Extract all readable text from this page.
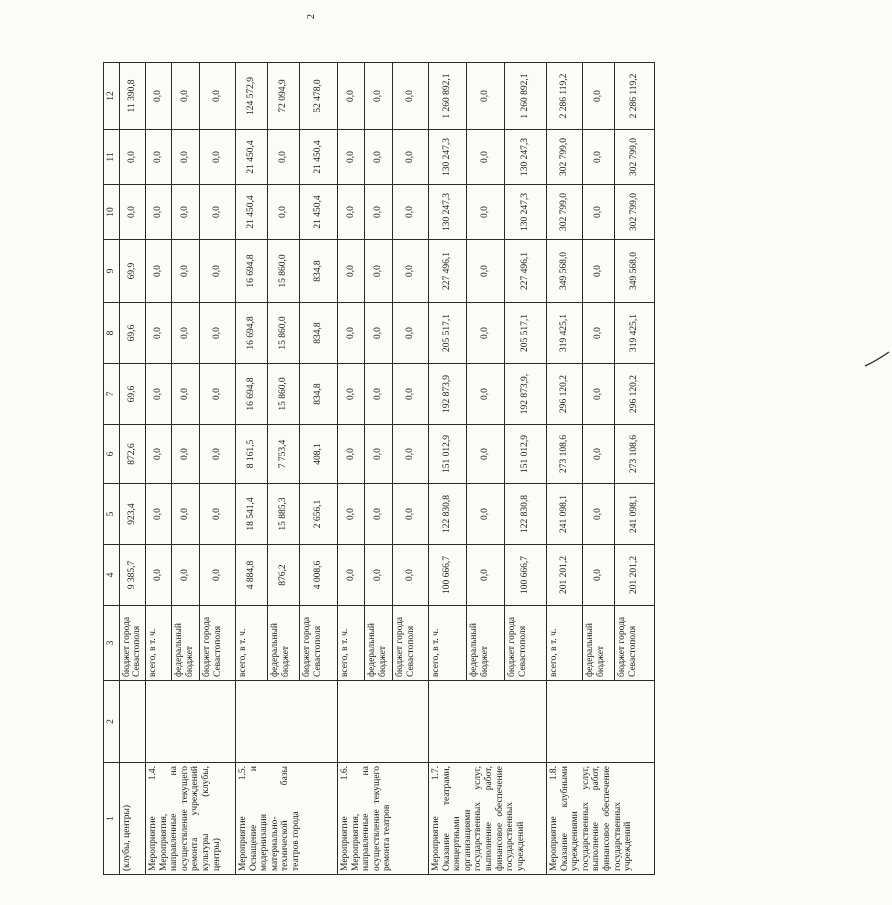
2
1	2	3	4	5	6	7	8	9	10	11	12
(клубы, центры)		бюджет города Севастополя	9 385,7	923,4	872,6	69,6	69,6	69,9	0,0	0,0	11 390,8
Мероприятие 1.4. Мероприятия, направленные на осуществление текущего ремонта учреждений культуры (клубы, центры)		всего, в т. ч.	0,0	0,0	0,0	0,0	0,0	0,0	0,0	0,0	0,0
		федеральный бюджет	0,0	0,0	0,0	0,0	0,0	0,0	0,0	0,0	0,0
		бюджет города Севастополя	0,0	0,0	0,0	0,0	0,0	0,0	0,0	0,0	0,0
Мероприятие 1.5. Оснащение и модернизация материально-технической базы театров города		всего, в т. ч.	4 884,8	18 541,4	8 161,5	16 694,8	16 694,8	16 694,8	21 450,4	21 450,4	124 572,9
		федеральный бюджет	876,2	15 885,3	7 753,4	15 860,0	15 860,0	15 860,0	0,0	0,0	72 094,9
		бюджет города Севастополя	4 008,6	2 656,1	408,1	834,8	834,8	834,8	21 450,4	21 450,4	52 478,0
Мероприятие 1.6. Мероприятия, направленные на осуществление текущего ремонта театров		всего, в т. ч.	0,0	0,0	0,0	0,0	0,0	0,0	0,0	0,0	0,0
		федеральный бюджет	0,0	0,0	0,0	0,0	0,0	0,0	0,0	0,0	0,0
		бюджет города Севастополя	0,0	0,0	0,0	0,0	0,0	0,0	0,0	0,0	0,0
Мероприятие 1.7. Оказание театрами, концертными организациями государственных услуг, выполнение работ, финансовое обеспечение государственных учреждений		всего, в т. ч.	100 666,7	122 830,8	151 012,9	192 873,9	205 517,1	227 496,1	130 247,3	130 247,3	1 260 892,1
		федеральный бюджет	0,0	0,0	0,0	0,0	0,0	0,0	0,0	0,0	0,0
		бюджет города Севастополя	100 666,7	122 830,8	151 012,9	192 873,9,	205 517,1	227 496,1	130 247,3	130 247,3	1 260 892,1
Мероприятие 1.8. Оказание клубными учреждениями государственных услуг, выполнение работ, финансовое обеспечение государственных учреждений		всего, в т. ч.	201 201,2	241 098,1	273 108,6	296 120,2	319 425,1	349 568,0	302 799,0	302 799,0	2 286 119,2
		федеральный бюджет	0,0	0,0	0,0	0,0	0,0	0,0	0,0	0,0	0,0
		бюджет города Севастополя	201 201,2	241 098,1	273 108,6	296 120,2	319 425,1	349 568,0	302 799,0	302 799,0	2 286 119,2
